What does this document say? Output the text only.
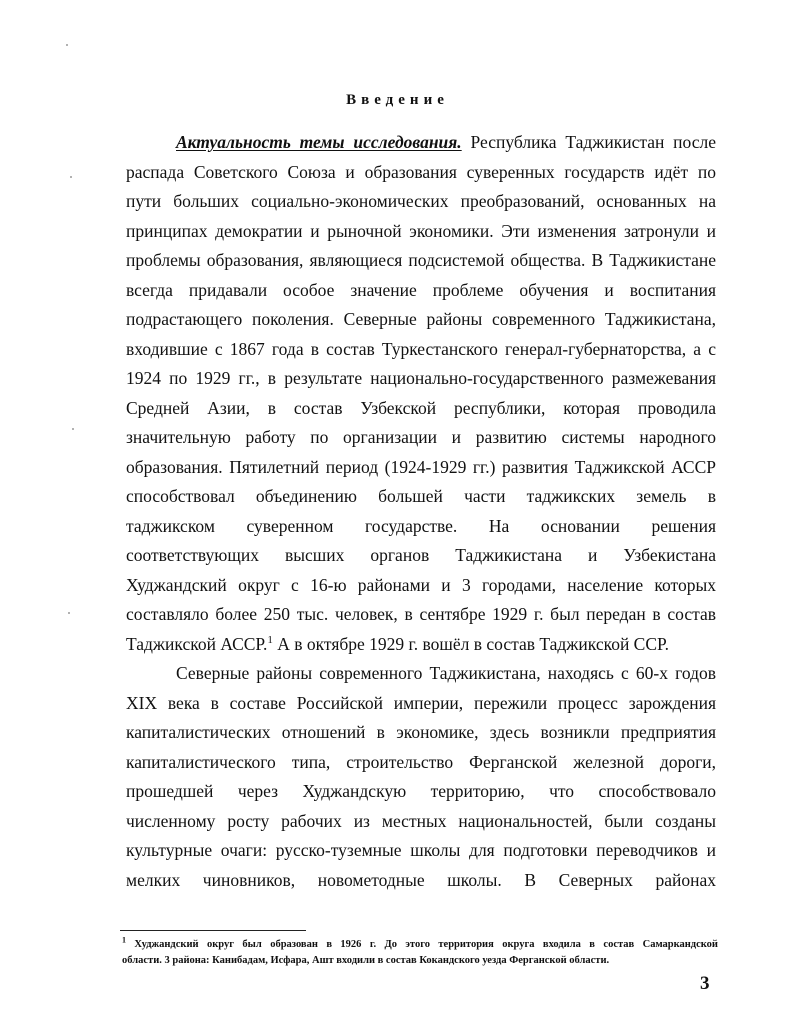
Введение
Актуальность темы исследования. Республика Таджикистан после
распада Советского Союза и образования суверенных государств идёт по
пути больших социально-экономических преобразований, основанных на
принципах демократии и рыночной экономики. Эти изменения затронули и
проблемы образования, являющиеся подсистемой общества. В Таджикистане
всегда придавали особое значение проблеме обучения и воспитания
подрастающего поколения. Северные районы современного Таджикистана,
входившие с 1867 года в состав Туркестанского генерал-губернаторства, а с
1924 по 1929 гг., в результате национально-государственного размежевания
Средней Азии, в состав Узбекской республики, которая проводила
значительную работу по организации и развитию системы народного
образования. Пятилетний период (1924-1929 гг.) развития Таджикской АССР
способствовал объединению большей части таджикских земель в
таджикском суверенном государстве. На основании решения
соответствующих высших органов Таджикистана и Узбекистана
Худжандский округ с 16-ю районами и 3 городами, население которых
составляло более 250 тыс. человек, в сентябре 1929 г. был передан в состав
Таджикской АССР.$^1$ А в октябре 1929 г. вошёл в состав Таджикской ССР.
Северные районы современного Таджикистана, находясь с 60-х годов
XIX века в составе Российской империи, пережили процесс зарождения
капиталистических отношений в экономике, здесь возникли предприятия
капиталистического типа, строительство Ферганской железной дороги,
прошедшей через Худжандскую территорию, что способствовало
численному росту рабочих из местных национальностей, были созданы
культурные очаги: русско-туземные школы для подготовки переводчиков и
мелких чиновников, новометодные школы. В Северных районах
$^1$ Худжандский округ был образован в 1926 г. До этого территория округа входила в состав Самаркандской
области. 3 района: Канибадам, Исфара, Ашт входили в состав Кокандского уезда Ферганской области.
3
